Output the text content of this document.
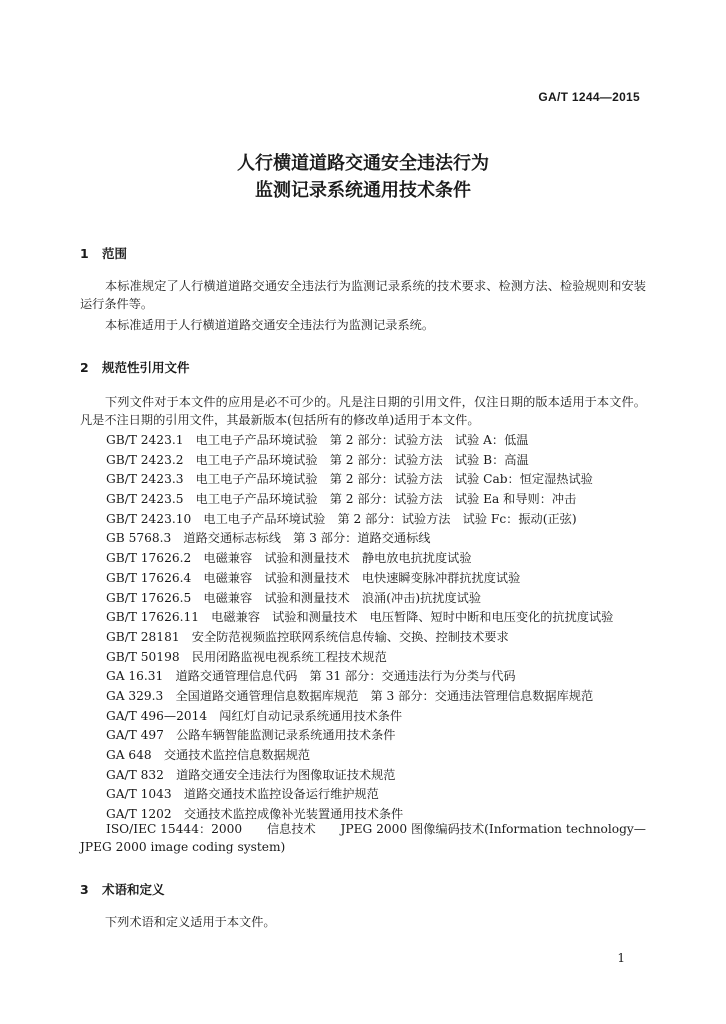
GA/T 1244—2015
人行横道道路交通安全违法行为
监测记录系统通用技术条件
1 范围

本标准规定了人行横道道路交通安全违法行为监测记录系统的技术要求、检测方法、检验规则和安装运行条件等。

本标准适用于人行横道道路交通安全违法行为监测记录系统。

2 规范性引用文件

下列文件对于本文件的应用是必不可少的。凡是注日期的引用文件，仅注日期的版本适用于本文件。凡是不注日期的引用文件，其最新版本(包括所有的修改单)适用于本文件。

GB/T 2423.1　电工电子产品环境试验　第 2 部分：试验方法　试验 A：低温
GB/T 2423.2　电工电子产品环境试验　第 2 部分：试验方法　试验 B：高温
GB/T 2423.3　电工电子产品环境试验　第 2 部分：试验方法　试验 Cab：恒定湿热试验
GB/T 2423.5　电工电子产品环境试验　第 2 部分：试验方法　试验 Ea 和导则：冲击
GB/T 2423.10　电工电子产品环境试验　第 2 部分：试验方法　试验 Fc：振动(正弦)
GB 5768.3　道路交通标志标线　第 3 部分：道路交通标线
GB/T 17626.2　电磁兼容　试验和测量技术　静电放电抗扰度试验
GB/T 17626.4　电磁兼容　试验和测量技术　电快速瞬变脉冲群抗扰度试验
GB/T 17626.5　电磁兼容　试验和测量技术　浪涌(冲击)抗扰度试验
GB/T 17626.11　电磁兼容　试验和测量技术　电压暂降、短时中断和电压变化的抗扰度试验
GB/T 28181　安全防范视频监控联网系统信息传输、交换、控制技术要求
GB/T 50198　民用闭路监视电视系统工程技术规范
GA 16.31　道路交通管理信息代码　第 31 部分：交通违法行为分类与代码
GA 329.3　全国道路交通管理信息数据库规范　第 3 部分：交通违法管理信息数据库规范
GA/T 496—2014　闯红灯自动记录系统通用技术条件
GA/T 497　公路车辆智能监测记录系统通用技术条件
GA 648　交通技术监控信息数据规范
GA/T 832　道路交通安全违法行为图像取证技术规范
GA/T 1043　道路交通技术监控设备运行维护规范
GA/T 1202　交通技术监控成像补光装置通用技术条件
ISO/IEC 15444：2000 信息技术 JPEG 2000 图像编码技术(Information technology—
JPEG 2000 image coding system)
3 术语和定义

下列术语和定义适用于本文件。

1
